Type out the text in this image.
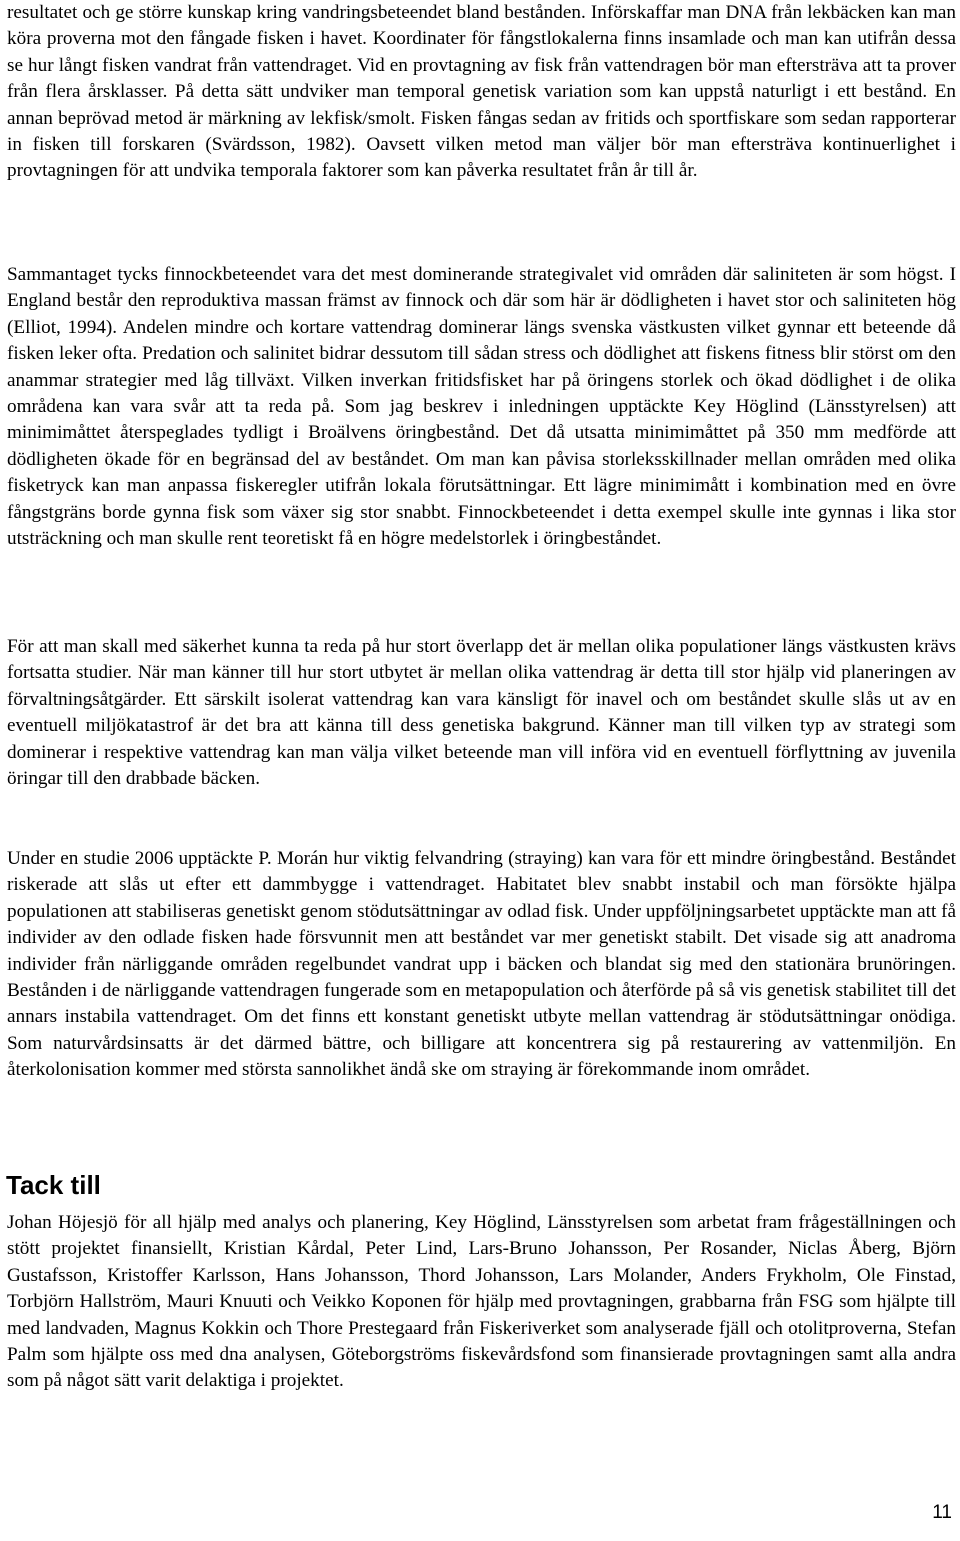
resultatet och ge större kunskap kring vandringsbeteendet bland bestånden. Införskaffar man DNA från lekbäcken kan man köra proverna mot den fångade fisken i havet. Koordinater för fångstlokalerna finns insamlade och man kan utifrån dessa se hur långt fisken vandrat från vattendraget. Vid en provtagning av fisk från vattendragen bör man eftersträva att ta prover från flera årsklasser. På detta sätt undviker man temporal genetisk variation som kan uppstå naturligt i ett bestånd. En annan beprövad metod är märkning av lekfisk/smolt. Fisken fångas sedan av fritids och sportfiskare som sedan rapporterar in fisken till forskaren (Svärdsson, 1982). Oavsett vilken metod man väljer bör man eftersträva kontinuerlighet i provtagningen för att undvika temporala faktorer som kan påverka resultatet från år till år.

Sammantaget tycks finnockbeteendet vara det mest dominerande strategivalet vid områden där saliniteten är som högst. I England består den reproduktiva massan främst av finnock och där som här är dödligheten i havet stor och saliniteten hög (Elliot, 1994). Andelen mindre och kortare vattendrag dominerar längs svenska västkusten vilket gynnar ett beteende då fisken leker ofta. Predation och salinitet bidrar dessutom till sådan stress och dödlighet att fiskens fitness blir störst om den anammar strategier med låg tillväxt. Vilken inverkan fritidsfisket har på öringens storlek och ökad dödlighet i de olika områdena kan vara svår att ta reda på. Som jag beskrev i inledningen upptäckte Key Höglind (Länsstyrelsen) att minimimåttet återspeglades tydligt i Broälvens öringbestånd. Det då utsatta minimimåttet på 350 mm medförde att dödligheten ökade för en begränsad del av beståndet. Om man kan påvisa storleksskillnader mellan områden med olika fisketryck kan man anpassa fiskeregler utifrån lokala förutsättningar. Ett lägre minimimått i kombination med en övre fångstgräns borde gynna fisk som växer sig stor snabbt. Finnockbeteendet i detta exempel skulle inte gynnas i lika stor utsträckning och man skulle rent teoretiskt få en högre medelstorlek i öringbeståndet.

För att man skall med säkerhet kunna ta reda på hur stort överlapp det är mellan olika populationer längs västkusten krävs fortsatta studier. När man känner till hur stort utbytet är mellan olika vattendrag är detta till stor hjälp vid planeringen av förvaltningsåtgärder. Ett särskilt isolerat vattendrag kan vara känsligt för inavel och om beståndet skulle slås ut av en eventuell miljökatastrof är det bra att känna till dess genetiska bakgrund. Känner man till vilken typ av strategi som dominerar i respektive vattendrag kan man välja vilket beteende man vill införa vid en eventuell förflyttning av juvenila öringar till den drabbade bäcken.

Under en studie 2006 upptäckte P. Morán hur viktig felvandring (straying) kan vara för ett mindre öringbestånd. Beståndet riskerade att slås ut efter ett dammbygge i vattendraget. Habitatet blev snabbt instabil och man försökte hjälpa populationen att stabiliseras genetiskt genom stödutsättningar av odlad fisk. Under uppföljningsarbetet upptäckte man att få individer av den odlade fisken hade försvunnit men att beståndet var mer genetiskt stabilt. Det visade sig att anadroma individer från närliggande områden regelbundet vandrat upp i bäcken och blandat sig med den stationära brunöringen. Bestånden i de närliggande vattendragen fungerade som en metapopulation och återförde på så vis genetisk stabilitet till det annars instabila vattendraget. Om det finns ett konstant genetiskt utbyte mellan vattendrag är stödutsättningar onödiga. Som naturvårdsinsatts är det därmed bättre, och billigare att koncentrera sig på restaurering av vattenmiljön. En återkolonisation kommer med största sannolikhet ändå ske om straying är förekommande inom området.

Tack till

Johan Höjesjö för all hjälp med analys och planering, Key Höglind, Länsstyrelsen som arbetat fram frågeställningen och stött projektet finansiellt, Kristian Kårdal, Peter Lind, Lars-Bruno Johansson, Per Rosander, Niclas Åberg, Björn Gustafsson, Kristoffer Karlsson, Hans Johansson, Thord Johansson, Lars Molander, Anders Frykholm, Ole Finstad, Torbjörn Hallström, Mauri Knuuti och Veikko Koponen för hjälp med provtagningen, grabbarna från FSG som hjälpte till med landvaden, Magnus Kokkin och Thore Prestegaard från Fiskeriverket som analyserade fjäll och otolitproverna, Stefan Palm som hjälpte oss med dna analysen, Göteborgströms fiskevårdsfond som finansierade provtagningen samt alla andra som på något sätt varit delaktiga i projektet.

11
